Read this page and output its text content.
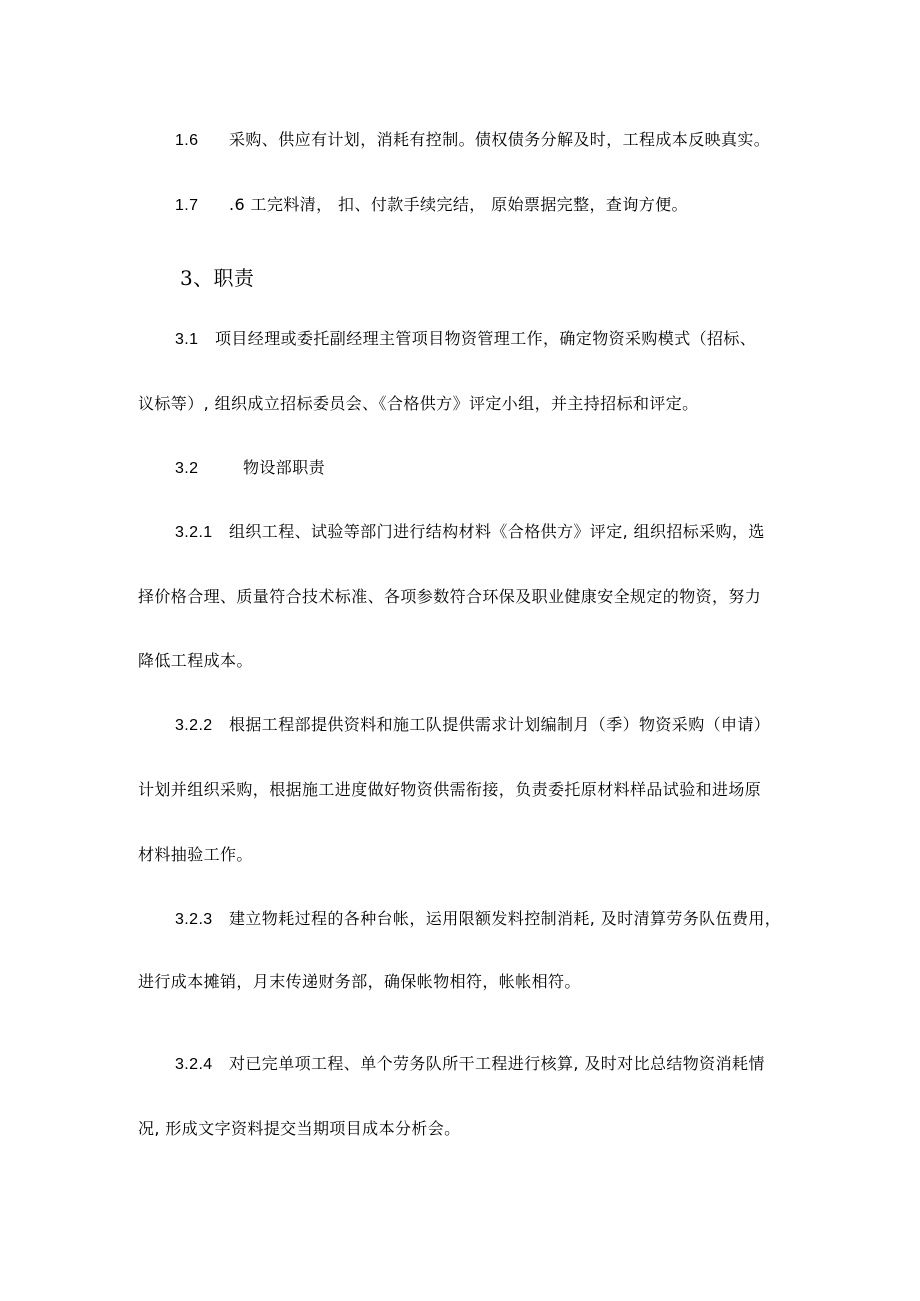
1.6 采购、供应有计划，消耗有控制。债权债务分解及时，工程成本反映真实。
1.7 .6 工完料清， 扣、付款手续完结， 原始票据完整，查询方便。
3、职责
3.1 项目经理或委托副经理主管项目物资管理工作，确定物资采购模式（招标、
议标等）, 组织成立招标委员会、《合格供方》评定小组，并主持招标和评定。
3.2	物设部职责
3.2.1 组织工程、试验等部门进行结构材料《合格供方》评定, 组织招标采购，选
择价格合理、质量符合技术标准、各项参数符合环保及职业健康安全规定的物资，努力
降低工程成本。
3.2.2 根据工程部提供资料和施工队提供需求计划编制月（季）物资采购（申请）
计划并组织采购，根据施工进度做好物资供需衔接，负责委托原材料样品试验和进场原
材料抽验工作。
3.2.3 建立物耗过程的各种台帐，运用限额发料控制消耗, 及时清算劳务队伍费用，
进行成本摊销，月末传递财务部，确保帐物相符，帐帐相符。
3.2.4 对已完单项工程、单个劳务队所干工程进行核算, 及时对比总结物资消耗情
况, 形成文字资料提交当期项目成本分析会。
